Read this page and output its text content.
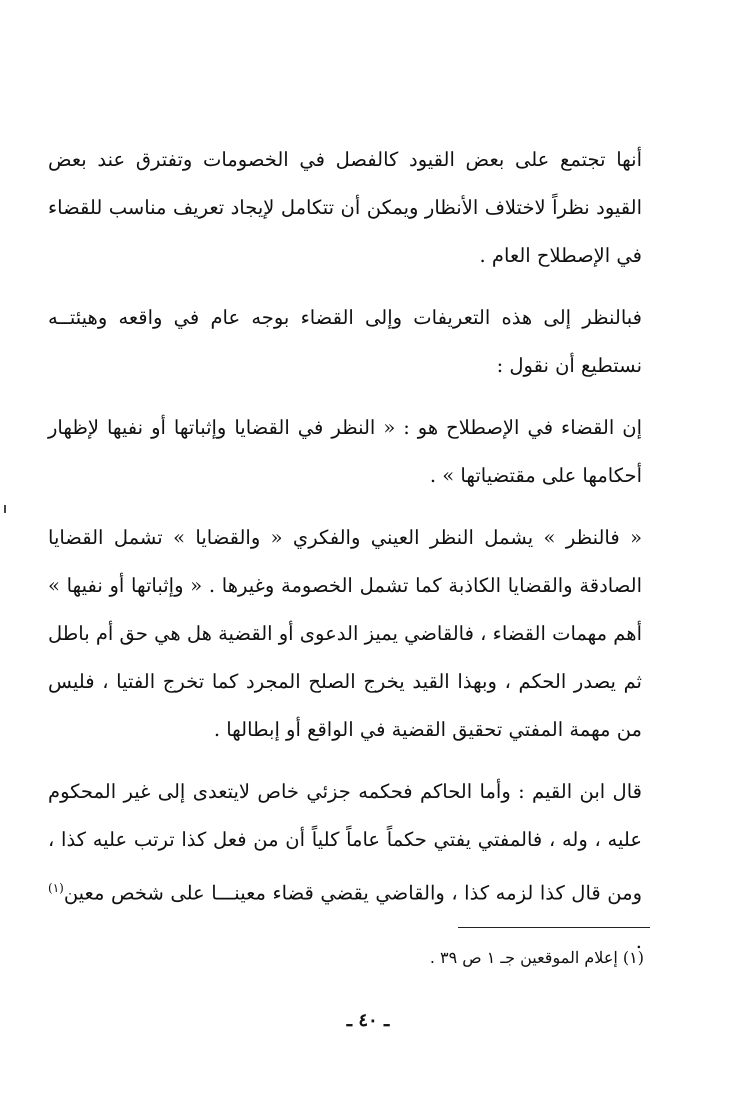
أنها تجتمع على بعض القيود كالفصل في الخصومات وتفترق عند بعض القيود نظراً لاختلاف الأنظار ويمكن أن تتكامل لإيجاد تعريف مناسب للقضاء في الإصطلاح العام .

فبالنظر إلى هذه التعريفات وإلى القضاء بوجه عام في واقعه وهيئتــه نستطيع أن نقول :

إن القضاء في الإصطلاح هو : « النظر في القضايا وإثباتها أو نفيها لإظهار أحكامها على مقتضياتها » .

« فالنظر » يشمل النظر العيني والفكري « والقضايا » تشمل القضايا الصادقة والقضايا الكاذبة كما تشمل الخصومة وغيرها . « وإثباتها أو نفيها » أهم مهمات القضاء ، فالقاضي يميز الدعوى أو القضية هل هي حق أم باطل ثم يصدر الحكم ، وبهذا القيد يخرج الصلح المجرد كما تخرج الفتيا ، فليس من مهمة المفتي تحقيق القضية في الواقع أو إبطالها .

قال ابن القيم : وأما الحاكم فحكمه جزئي خاص لايتعدى إلى غير المحكوم عليه ، وله ، فالمفتي يفتي حكماً عاماً كلياً أن من فعل كذا ترتب عليه كذا ، ومن قال كذا لزمه كذا ، والقاضي يقضي قضاء معينـــا على شخص معين$^{(١)}$ .

(١) إعلام الموقعين جـ ١ ص ٣٩ .
ـ ٤٠ ـ
